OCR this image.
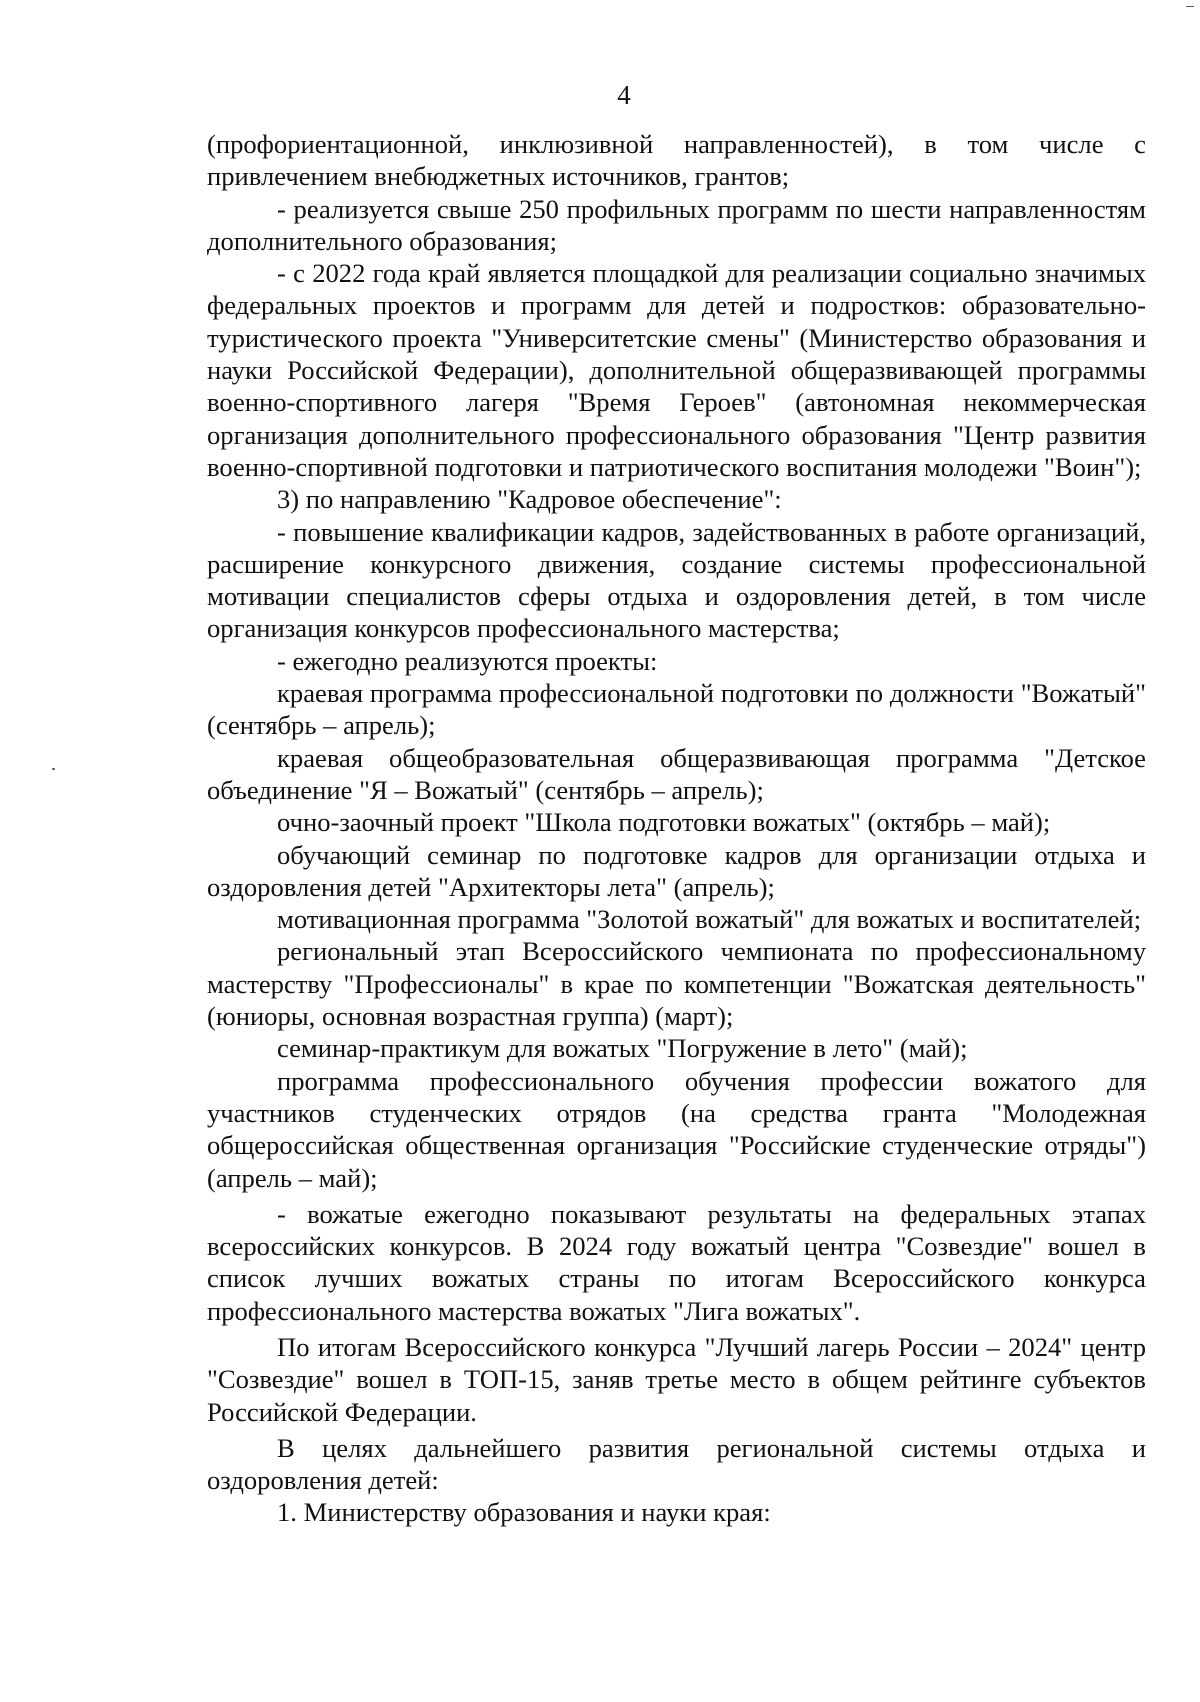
4

(профориентационной, инклюзивной направленностей), в том числе с привлечением внебюджетных источников, грантов;

- реализуется свыше 250 профильных программ по шести направленностям дополнительного образования;

- с 2022 года край является площадкой для реализации социально значимых федеральных проектов и программ для детей и подростков: образовательно-туристического проекта "Университетские смены" (Министерство образования и науки Российской Федерации), дополнительной общеразвивающей программы военно-спортивного лагеря "Время Героев" (автономная некоммерческая организация дополнительного профессионального образования "Центр развития военно-спортивной подготовки и патриотического воспитания молодежи "Воин");

3) по направлению "Кадровое обеспечение":

- повышение квалификации кадров, задействованных в работе организаций, расширение конкурсного движения, создание системы профессиональной мотивации специалистов сферы отдыха и оздоровления детей, в том числе организация конкурсов профессионального мастерства;

- ежегодно реализуются проекты:

краевая программа профессиональной подготовки по должности "Вожатый" (сентябрь – апрель);

краевая общеобразовательная общеразвивающая программа "Детское объединение "Я – Вожатый" (сентябрь – апрель);

очно-заочный проект "Школа подготовки вожатых" (октябрь – май);

обучающий семинар по подготовке кадров для организации отдыха и оздоровления детей "Архитекторы лета" (апрель);

мотивационная программа "Золотой вожатый" для вожатых и воспитателей;

региональный этап Всероссийского чемпионата по профессиональному мастерству "Профессионалы" в крае по компетенции "Вожатская деятельность" (юниоры, основная возрастная группа) (март);

семинар-практикум для вожатых "Погружение в лето" (май);

программа профессионального обучения профессии вожатого для участников студенческих отрядов (на средства гранта "Молодежная общероссийская общественная организация "Российские студенческие отряды") (апрель – май);

- вожатые ежегодно показывают результаты на федеральных этапах всероссийских конкурсов. В 2024 году вожатый центра "Созвездие" вошел в список лучших вожатых страны по итогам Всероссийского конкурса профессионального мастерства вожатых "Лига вожатых".

По итогам Всероссийского конкурса "Лучший лагерь России – 2024" центр "Созвездие" вошел в ТОП-15, заняв третье место в общем рейтинге субъектов Российской Федерации.

В целях дальнейшего развития региональной системы отдыха и оздоровления детей:

1. Министерству образования и науки края:
